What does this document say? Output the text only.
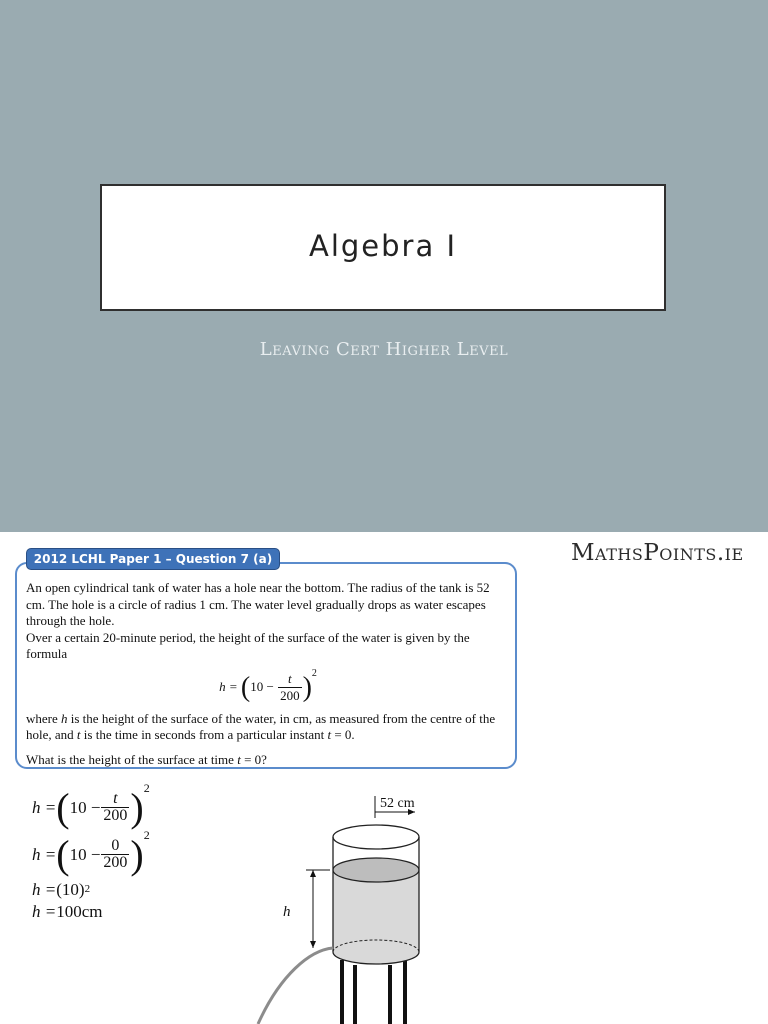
Algebra I
Leaving Cert Higher Level
MathsPoints.ie
2012 LCHL Paper 1 – Question 7 (a)

An open cylindrical tank of water has a hole near the bottom. The radius of the tank is 52 cm. The hole is a circle of radius 1 cm. The water level gradually drops as water escapes through the hole.

Over a certain 20-minute period, the height of the surface of the water is given by the formula

$h = (10 - \frac{t}{200} )^2$

where h is the height of the surface of the water, in cm, as measured from the centre of the hole, and t is the time in seconds from a particular instant t = 0.

What is the height of the surface at time t = 0?

h = ( $10 - \frac{t}{200}$ ) 2
h = ( $10 - \frac{0}{200}$ ) 2
h = (10) 2
h = 100cm
52 cm
h
